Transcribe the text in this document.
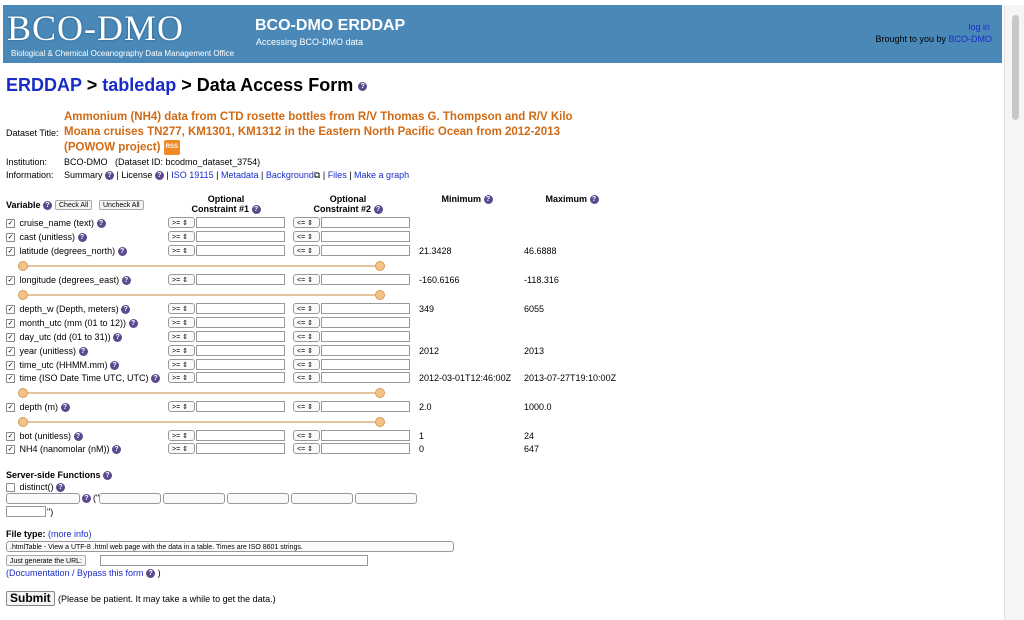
BCO-DMO
Biological & Chemical Oceanography Data Management Office
BCO-DMO ERDDAP
Accessing BCO-DMO data
log in
Brought to you by BCO-DMO
ERDDAP > tabledap > Data Access Form ?
Dataset Title:
Ammonium (NH4) data from CTD rosette bottles from R/V Thomas G. Thompson and R/V Kilo Moana cruises TN277, KM1301, KM1312 in the Eastern North Pacific Ocean from 2012-2013 (POWOW project) RSS
Institution: BCO-DMO (Dataset ID: bcodmo_dataset_3754)
Information: Summary ? | License ? | ISO 19115 | Metadata | Background⧉ | Files | Make a graph
Variable ?	Check All	Uncheck All
Optional
Constraint #1 ?
Optional
Constraint #2 ?
Minimum ?	Maximum ?
✓ cruise_name (text) ?	>= ⇕	<= ⇕
✓ cast (unitless) ?	>= ⇕	<= ⇕
✓ latitude (degrees_north) ?	>= ⇕	<= ⇕	21.3428	46.6888
✓ longitude (degrees_east) ?	>= ⇕	<= ⇕	-160.6166	-118.316
✓ depth_w (Depth, meters) ?	>= ⇕	<= ⇕	349	6055
✓ month_utc (mm (01 to 12)) ?	>= ⇕	<= ⇕
✓ day_utc (dd (01 to 31)) ?	>= ⇕	<= ⇕
✓ year (unitless) ?	>= ⇕	<= ⇕	2012	2013
✓ time_utc (HHMM.mm) ?	>= ⇕	<= ⇕
✓ time (ISO Date Time UTC, UTC) ?	>= ⇕	<= ⇕	2012-03-01T12:46:00Z 2013-07-27T19:10:00Z
✓ depth (m) ?	>= ⇕	<= ⇕	2.0	1000.0
✓ bot (unitless) ?	>= ⇕	<= ⇕	1	24
✓ NH4 (nanomolar (nM)) ?	>= ⇕	<= ⇕	0	647
Server-side Functions ?
distinct() ?
? ("
")
File type: (more info)
.htmlTable - View a UTF-8 .html web page with the data in a table. Times are ISO 8601 strings.
Just generate the URL:
(Documentation / Bypass this form ? )
Submit (Please be patient. It may take a while to get the data.)
